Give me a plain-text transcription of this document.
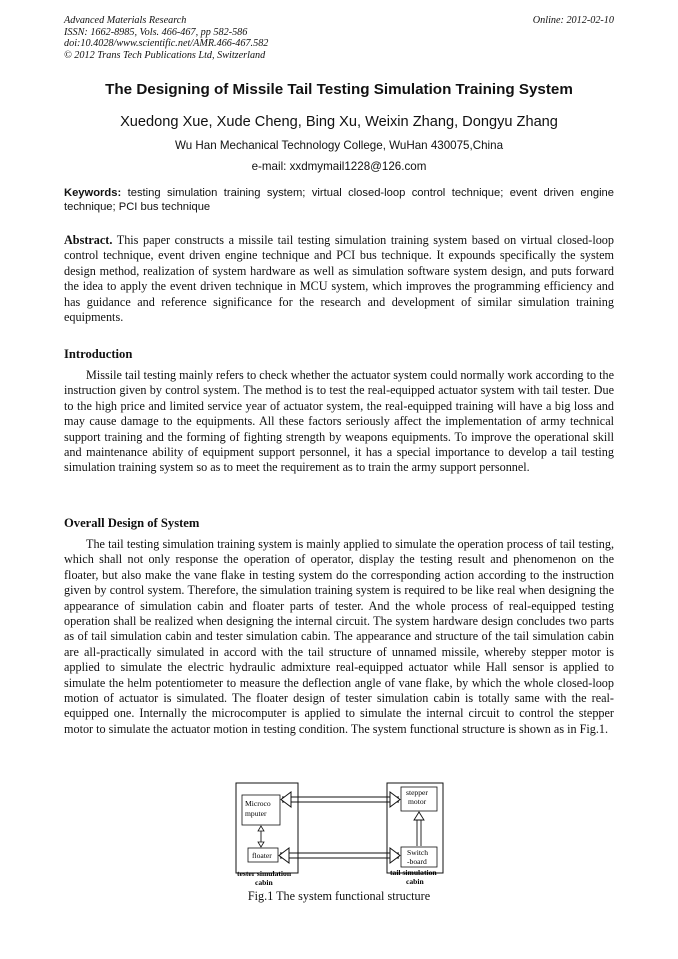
Advanced Materials Research
ISSN: 1662-8985, Vols. 466-467, pp 582-586
doi:10.4028/www.scientific.net/AMR.466-467.582
© 2012 Trans Tech Publications Ltd, Switzerland
Online: 2012-02-10
The Designing of Missile Tail Testing Simulation Training System
Xuedong Xue, Xude Cheng, Bing Xu, Weixin Zhang, Dongyu Zhang
Wu Han Mechanical Technology College, WuHan 430075,China
e-mail: xxdmymail1228@126.com
Keywords: testing simulation training system; virtual closed-loop control technique; event driven engine technique; PCI bus technique
Abstract. This paper constructs a missile tail testing simulation training system based on virtual closed-loop control technique, event driven engine technique and PCI bus technique. It expounds specifically the system design method, realization of system hardware as well as simulation software system design, and puts forward the idea to apply the event driven technique in MCU system, which improves the programming efficiency and has guidance and reference significance for the research and development of similar simulation training equipments.
Introduction
Missile tail testing mainly refers to check whether the actuator system could normally work according to the instruction given by control system. The method is to test the real-equipped actuator system with tail tester. Due to the high price and limited service year of actuator system, the real-equipped training will have a big loss and may cause damage to the equipments. All these factors seriously affect the implementation of army technical support training and the forming of fighting strength by weapons equipments. To improve the operational skill and maintenance ability of equipment support personnel, it has a special importance to develop a tail testing simulation training system so as to meet the requirement as to train the army support personnel.
Overall Design of System
The tail testing simulation training system is mainly applied to simulate the operation process of tail testing, which shall not only response the operation of operator, display the testing result and phenomenon on the floater, but also make the vane flake in testing system do the corresponding action according to the instruction given by control system. Therefore, the simulation training system is required to be like real when designing the appearance of simulation cabin and floater parts of tester. And the whole process of real-equipped testing operation shall be realized when designing the internal circuit. The system hardware design concludes two parts as of tail simulation cabin and tester simulation cabin. The appearance and structure of the tail simulation cabin are all-practically simulated in accord with the tail structure of unnamed missile, whereby stepper motor is applied to simulate the electric hydraulic admixture real-equipped actuator while Hall sensor is applied to simulate the helm potentiometer to measure the deflection angle of vane flake, by which the whole closed-loop motion of actuator is simulated. The floater design of tester simulation cabin is totally same with the real-equipped one. Internally the microcomputer is applied to simulate the internal circuit to control the stepper motor to simulate the actuator motion in testing condition. The system functional structure is shown as in Fig.1.
Microco
mputer
floater
stepper
motor
Switch
-board
tester simulation
cabin
tail simulation
cabin
Fig.1 The system functional structure
